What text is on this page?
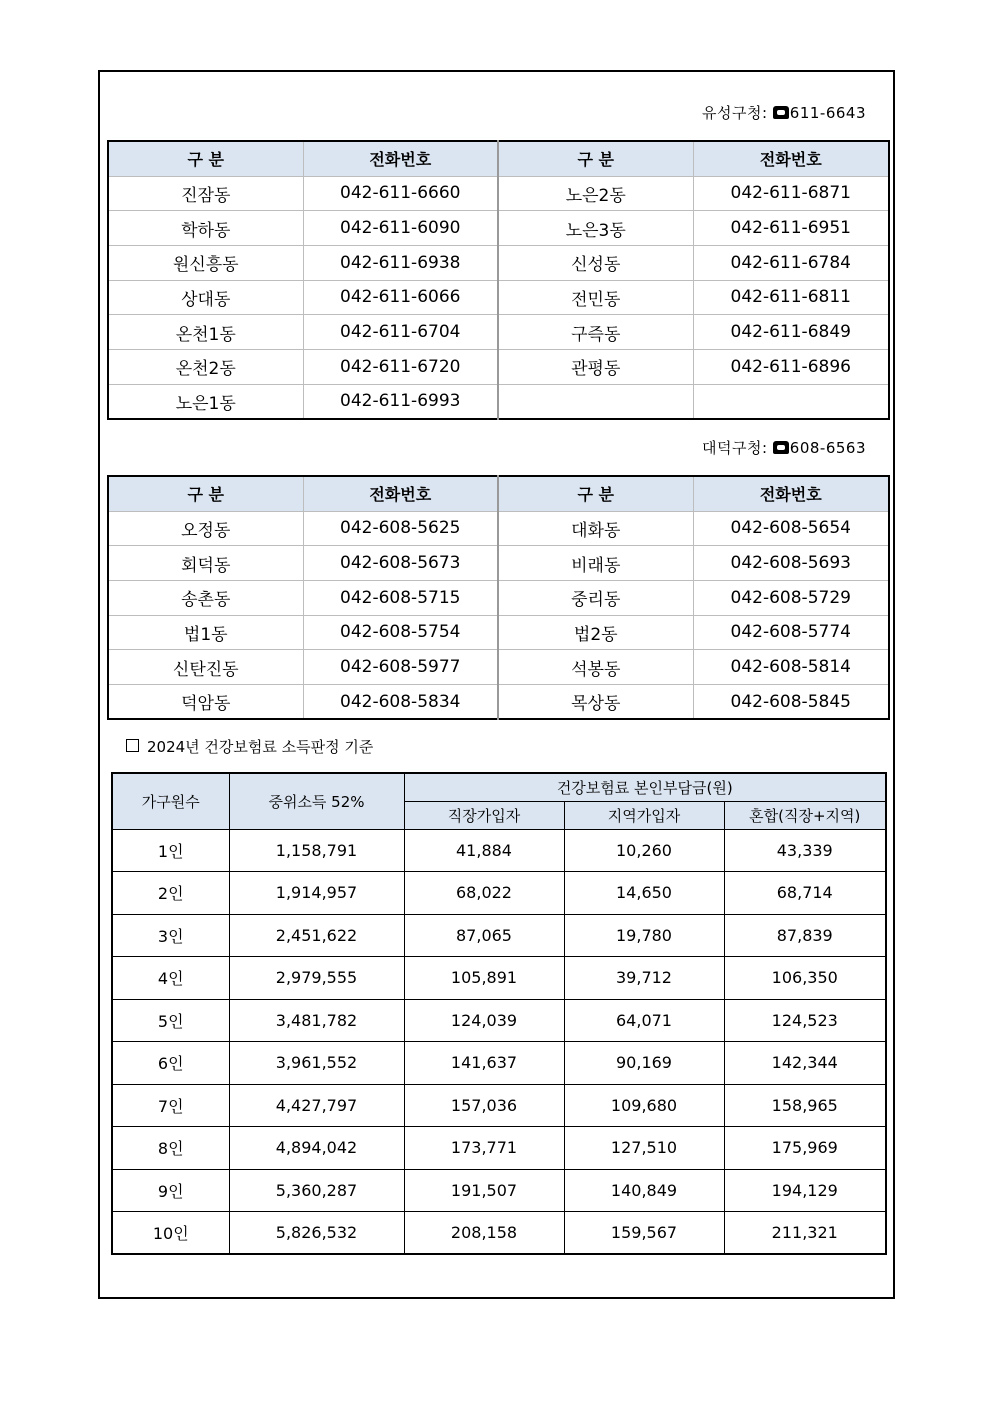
유성구청: 611-6643
구 분	전화번호	구 분	전화번호
진잠동	042-611-6660	노은2동	042-611-6871
학하동	042-611-6090	노은3동	042-611-6951
원신흥동	042-611-6938	신성동	042-611-6784
상대동	042-611-6066	전민동	042-611-6811
온천1동	042-611-6704	구즉동	042-611-6849
온천2동	042-611-6720	관평동	042-611-6896
노은1동	042-611-6993		
대덕구청: 608-6563
구 분	전화번호	구 분	전화번호
오정동	042-608-5625	대화동	042-608-5654
회덕동	042-608-5673	비래동	042-608-5693
송촌동	042-608-5715	중리동	042-608-5729
법1동	042-608-5754	법2동	042-608-5774
신탄진동	042-608-5977	석봉동	042-608-5814
덕암동	042-608-5834	목상동	042-608-5845
2024년 건강보험료 소득판정 기준
가구원수	중위소득 52%	건강보험료 본인부담금(원)		
		직장가입자	지역가입자	혼합(직장+지역)
1인	1,158,791	41,884	10,260	43,339
2인	1,914,957	68,022	14,650	68,714
3인	2,451,622	87,065	19,780	87,839
4인	2,979,555	105,891	39,712	106,350
5인	3,481,782	124,039	64,071	124,523
6인	3,961,552	141,637	90,169	142,344
7인	4,427,797	157,036	109,680	158,965
8인	4,894,042	173,771	127,510	175,969
9인	5,360,287	191,507	140,849	194,129
10인	5,826,532	208,158	159,567	211,321
